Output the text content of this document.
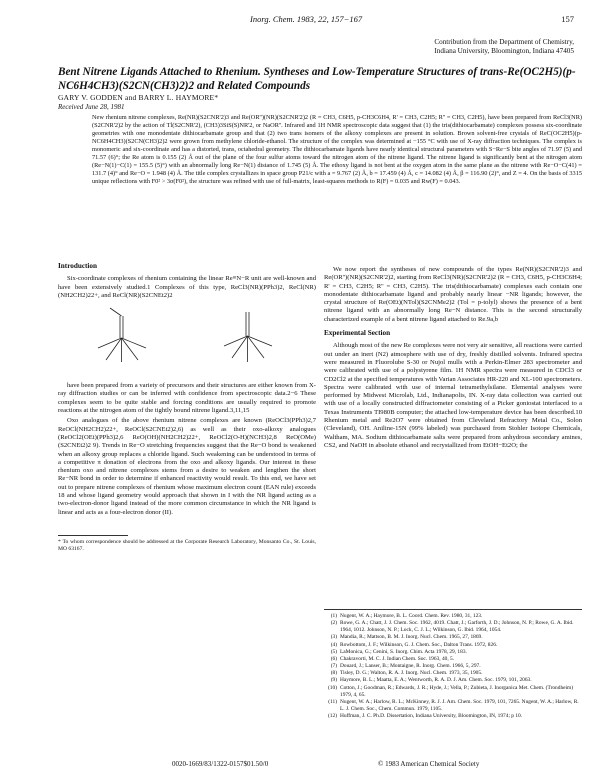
Inorg. Chem. 1983, 22, 157−167	157
Contribution from the Department of Chemistry,
Indiana University, Bloomington, Indiana 47405
Bent Nitrene Ligands Attached to Rhenium. Syntheses and Low-Temperature Structures of trans-Re(OC2H5)(p-NC6H4CH3)(S2CN(CH3)2)2 and Related Compounds
GARY V. GODDEN and BARRY L. HAYMORE*
Received June 28, 1981
New rhenium nitrene complexes, Re(NR)(S2CNR'2)3 and Re(OR'')(NR)(S2CNR'2)2 (R = CH3, C6H5, p-CH3C6H4, R' = CH3, C2H5; R'' = CH3, C2H5), have been prepared from ReCl3(NR)(S2CNR'2)2 by the action of Tl(S2CNR'2), (CH3)3SiS(S)NR'2, or NaOR''. Infrared and 1H NMR spectroscopic data suggest that (1) the tris(dithiocarbamate) complexes possess six-coordinate geometries with one monodentate dithiocarbamate group and that (2) two trans isomers of the alkoxy complexes are present in solution. Brown solvent-free crystals of ReC(OC2H5)(p-NC6H4CH3)(S2CN(CH3)2)2 were grown from methylene chloride-ethanol. The structure of the complex was determined at −155 °C with use of X-ray diffraction techniques. The complex is monomeric and six-coordinate and has a distorted, trans, octahedral geometry. The dithiocarbamate ligands have nearly identical structural parameters with S−Re−S bite angles of 71.97 (5) and 71.57 (6)°; the Re atom is 0.155 (2) Å out of the plane of the four sulfur atoms toward the nitrogen atom of the nitrene ligand. The nitrene ligand is significantly bent at the nitrogen atom (Re−N(1)−C(1) = 155.5 (5)°) with an abnormally long Re−N(1) distance of 1.745 (5) Å. The ethoxy ligand is not bent at the oxygen atom in the same plane as the nitrene with Re−O−C(41) = 131.7 (4)° and Re−O = 1.948 (4) Å. The title complex crystallizes in space group P21/c with a = 9.767 (2) Å, b = 17.459 (4) Å, c = 14.082 (4) Å, β = 116.90 (2)°, and Z = 4. On the basis of 3315 unique reflections with F0² > 3σ(F0²), the structure was refined with use of full-matrix, least-squares methods to R(F) = 0.035 and Rw(F) = 0.043.
Introduction

Six-coordinate complexes of rhenium containing the linear Re≡N−R unit are well-known and have been extensively studied.1 Complexes of this type, ReCl3(NR)(PPh3)2, ReCl(NR)(NH2CH2)22+, and ReCl(NR)(S2CNEt2)2

have been prepared from a variety of precursors and their structures are either known from X-ray diffraction studies or can be inferred with confidence from spectroscopic data.2−6 These complexes seem to be quite stable and forcing conditions are usually required to promote reactions at the nitrogen atom of the tightly bound nitrene ligand.3,11,15

Oxo analogues of the above rhenium nitrene complexes are known (ReOCl3(PPh3)2,7 ReOCl(NH2CH2)22+, ReOCl(S2CNEt2)2,6) as well as their oxo-alkoxy analogues (ReOCl2(OEt)(PPh3)2,6 ReO(OH)(NH2CH2)22+, ReOCl2(O-H)(NCH3)2,8 ReO(OMe)(S2CNEt2)2 9). Trends in Re−O stretching frequencies suggest that the Re−O bond is weakened when an alkoxy group replaces a chloride ligand. Such weakening can be understood in terms of a competitive π donation of electrons from the oxo and alkoxy ligands. Our interest in these rhenium oxo and nitrene complexes stems from a desire to weaken and lengthen the short Re−NR bond in order to determine if enhanced reactivity would result. To this end, we have set out to prepare nitrene complexes of rhenium whose maximum electron count (EAN rule) exceeds 18 and whose ligand geometry would approach that shown in I with the NR ligand acting as a two-electron-donor ligand instead of the more common circumstance in which the NR ligand is linear and acts as a four-electron donor (II).

* To whom correspondence should be addressed at the Corporate Research Laboratory, Monsanto Co., St. Louis, MO 63167.

We now report the syntheses of new compounds of the types Re(NR)(S2CNR'2)3 and Re(OR'')(NR)(S2CNR'2)2, starting from ReCl3(NR)(S2CNR'2)2 (R = CH3, C6H5, p-CH3C6H4; R' = CH3, C2H5; R'' = CH3, C2H5). The tris(dithiocarbamate) complexes each contain one monodentate dithiocarbamate ligand and probably nearly linear −NR ligands; however, the crystal structure of Re(OEt)(NTol)(S2CNMe2)2 (Tol = p-tolyl) shows the presence of a bent nitrene ligand with an abnormally long Re−N distance. This is the second structurally characterized example of a bent nitrene ligand attached to Re.9a,b

Experimental Section

Although most of the new Re complexes were not very air sensitive, all reactions were carried out under an inert (N2) atmosphere with use of dry, freshly distilled solvents. Infrared spectra were measured in Fluorolube S-30 or Nujol mulls with a Perkin-Elmer 283 spectrometer and were calibrated with use of a polystyrene film. 1H NMR spectra were measured in CDCl3 or CD2Cl2 at the specified temperatures with Varian Associates HR-220 and XL-100 spectrometers. Spectra were calibrated with use of internal tetramethylsilane. Elemental analyses were performed by Midwest Microlab, Ltd., Indianapolis, IN. X-ray data collection was carried out with use of a locally constructed diffractometer consisting of a Picker goniostat interfaced to a Texas Instruments TI980B computer; the attached low-temperature device has been described.10 Rhenium metal and Re2O7 were obtained from Cleveland Refractory Metal Co., Solon (Cleveland), OH. Aniline-15N (99% labeled) was purchased from Stohler Isotope Chemicals, Waltham, MA. Sodium dithiocarbamate salts were prepared from anhydrous secondary amines, CS2, and NaOH in absolute ethanol and recrystallized from EtOH−Et2O; the

(1) Nugent, W. A.; Haymore, B. L. Coord. Chem. Rev. 1980, 31, 123.
(2) Rowe, G. A.; Chatt, J. J. Chem. Soc. 1962, 4019. Chatt, J.; Garforth, J. D.; Johnson, N. P.; Rowe, G. A. Ibid. 1964, 1012. Johnson, N. P.; Lock, C. J. L.; Wilkinson, G. Ibid. 1964, 1054.
(3) Mandia, R.; Mattson, B. M. J. Inorg. Nucl. Chem. 1965, 27, 1869.
(4) Rowbottom, J. F.; Wilkinson, G. J. Chem. Soc., Dalton Trans. 1972, 826.
(5) LaMonica, G.; Cenini, S. Inorg. Chim. Acta 1978, 29, 183.
(6) Chakravorti, M. C. J. Indian Chem. Soc. 1963, 40, 5.
(7) Douard, J.; Lanser, B.; Montaigne, R. Inorg. Chem. 1966, 5, 297.
(8) Tisley, D. G.; Walton, R. A. J. Inorg. Nucl. Chem. 1973, 35, 1905.
(9) Haymore, B. L.; Maatta, E. A.; Wentworth, R. A. D. J. Am. Chem. Soc. 1979, 101, 2063.
(10) Cotton, J.; Goodman, R.; Edwards, J. R.; Hyde, J.; Vella, P.; Zubieta, J. Inorganica Met. Chem. (Trondheim) 1979, 4, 65.
(11) Nugent, W. A.; Harlow, R. L.; McKinney, R. J. J. Am. Chem. Soc. 1979, 101, 7265. Nugent, W. A.; Harlow, R. L. J. Chem. Soc., Chem. Commun. 1979, 1105.
(12) Huffman, J. C. Ph.D. Dissertation, Indiana University, Bloomington, IN, 1974; p 10.
0020-1669/83/1322-0157$01.50/0	© 1983 American Chemical Society
